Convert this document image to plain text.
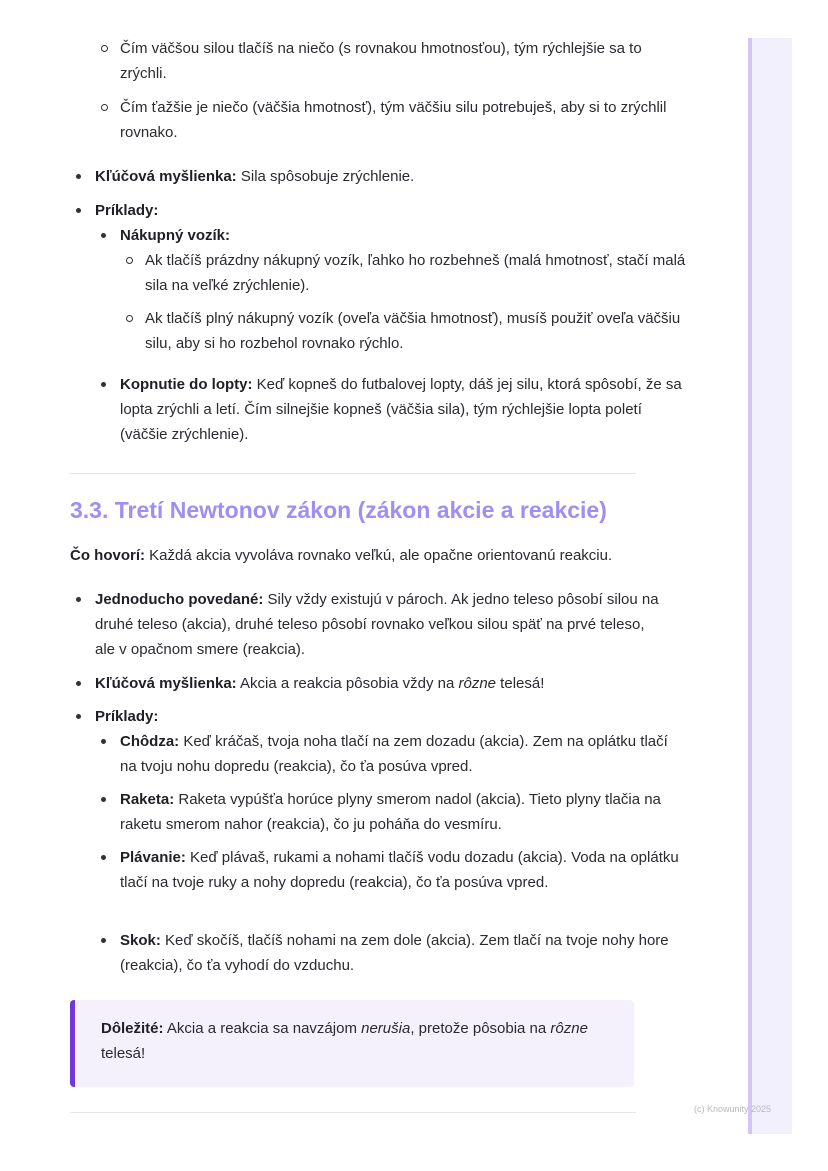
(c) Knowunity 2025
Čím väčšou silou tlačíš na niečo (s rovnakou hmotnosťou), tým rýchlejšie sa to zrýchli.
Čím ťažšie je niečo (väčšia hmotnosť), tým väčšiu silu potrebuješ, aby si to zrýchlil rovnako.
Kľúčová myšlienka: Sila spôsobuje zrýchlenie.
Príklady:
Nákupný vozík:
Ak tlačíš prázdny nákupný vozík, ľahko ho rozbehneš (malá hmotnosť, stačí malá sila na veľké zrýchlenie).
Ak tlačíš plný nákupný vozík (oveľa väčšia hmotnosť), musíš použiť oveľa väčšiu silu, aby si ho rozbehol rovnako rýchlo.
Kopnutie do lopty: Keď kopneš do futbalovej lopty, dáš jej silu, ktorá spôsobí, že sa lopta zrýchli a letí. Čím silnejšie kopneš (väčšia sila), tým rýchlejšie lopta poletí (väčšie zrýchlenie).
3.3. Tretí Newtonov zákon (zákon akcie a reakcie)
Čo hovorí: Každá akcia vyvoláva rovnako veľkú, ale opačne orientovanú reakciu.
Jednoducho povedané: Sily vždy existujú v pároch. Ak jedno teleso pôsobí silou na druhé teleso (akcia), druhé teleso pôsobí rovnako veľkou silou späť na prvé teleso, ale v opačnom smere (reakcia).
Kľúčová myšlienka: Akcia a reakcia pôsobia vždy na rôzne telesá!
Príklady:
Chôdza: Keď kráčaš, tvoja noha tlačí na zem dozadu (akcia). Zem na oplátku tlačí na tvoju nohu dopredu (reakcia), čo ťa posúva vpred.
Raketa: Raketa vypúšťa horúce plyny smerom nadol (akcia). Tieto plyny tlačia na raketu smerom nahor (reakcia), čo ju poháňa do vesmíru.
Plávanie: Keď plávaš, rukami a nohami tlačíš vodu dozadu (akcia). Voda na oplátku tlačí na tvoje ruky a nohy dopredu (reakcia), čo ťa posúva vpred.
Skok: Keď skočíš, tlačíš nohami na zem dole (akcia). Zem tlačí na tvoje nohy hore (reakcia), čo ťa vyhodí do vzduchu.
Dôležité: Akcia a reakcia sa navzájom nerušia, pretože pôsobia na rôzne telesá!
